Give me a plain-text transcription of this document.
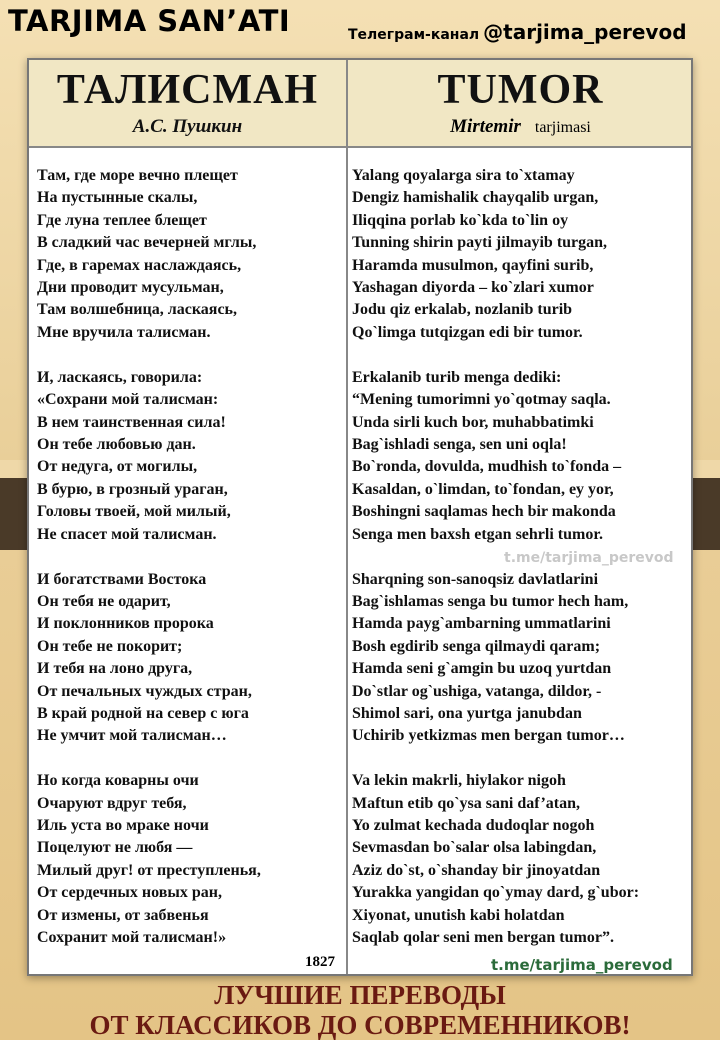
TARJIMA SAN’ATI	Телеграм-канал @tarjima_perevod
ТАЛИСМАН
А.С. Пушкин
TUMOR
Mirtemir tarjimasi
Там, где море вечно плещет
На пустынные скалы,
Где луна теплее блещет
В сладкий час вечерней мглы,
Где, в гаремах наслаждаясь,
Дни проводит мусульман,
Там волшебница, ласкаясь,
Мне вручила талисман.
И, ласкаясь, говорила:
«Сохрани мой талисман:
В нем таинственная сила!
Он тебе любовью дан.
От недуга, от могилы,
В бурю, в грозный ураган,
Головы твоей, мой милый,
Не спасет мой талисман.
И богатствами Востока
Он тебя не одарит,
И поклонников пророка
Он тебе не покорит;
И тебя на лоно друга,
От печальных чуждых стран,
В край родной на север с юга
Не умчит мой талисман…
Но когда коварны очи
Очаруют вдруг тебя,
Иль уста во мраке ночи
Поцелуют не любя —
Милый друг! от преступленья,
От сердечных новых ран,
От измены, от забвенья
Сохранит мой талисман!»
Yalang qoyalarga sira to`xtamay
Dengiz hamishalik chayqalib urgan,
Iliqqina porlab ko`kda to`lin oy
Tunning shirin payti jilmayib turgan,
Haramda musulmon, qayfini surib,
Yashagan diyorda – ko`zlari xumor
Jodu qiz erkalab, nozlanib turib
Qo`limga tutqizgan edi bir tumor.
Erkalanib turib menga dediki:
“Mening tumorimni yo`qotmay saqla.
Unda sirli kuch bor, muhabbatimki
Bag`ishladi senga, sen uni oqla!
Bo`ronda, dovulda, mudhish to`fonda –
Kasaldan, o`limdan, to`fondan, ey yor,
Boshingni saqlamas hech bir makonda
Senga men baxsh etgan sehrli tumor.
Sharqning son-sanoqsiz davlatlarini
Bag`ishlamas senga bu tumor hech ham,
Hamda payg`ambarning ummatlarini
Bosh egdirib senga qilmaydi qaram;
Hamda seni g`amgin bu uzoq yurtdan
Do`stlar og`ushiga, vatanga, dildor, -
Shimol sari, ona yurtga janubdan
Uchirib yetkizmas men bergan tumor…
Va lekin makrli, hiylakor nigoh
Maftun etib qo`ysa sani daf’atan,
Yo zulmat kechada dudoqlar nogoh
Sevmasdan bo`salar olsa labingdan,
Aziz do`st, o`shanday bir jinoyatdan
Yurakka yangidan qo`ymay dard, g`ubor:
Xiyonat, unutish kabi holatdan
Saqlab qolar seni men bergan tumor”.
1827
t.me/tarjima_perevod
t.me/tarjima_perevod
ЛУЧШИЕ ПЕРЕВОДЫ
ОТ КЛАССИКОВ ДО СОВРЕМЕННИКОВ!
